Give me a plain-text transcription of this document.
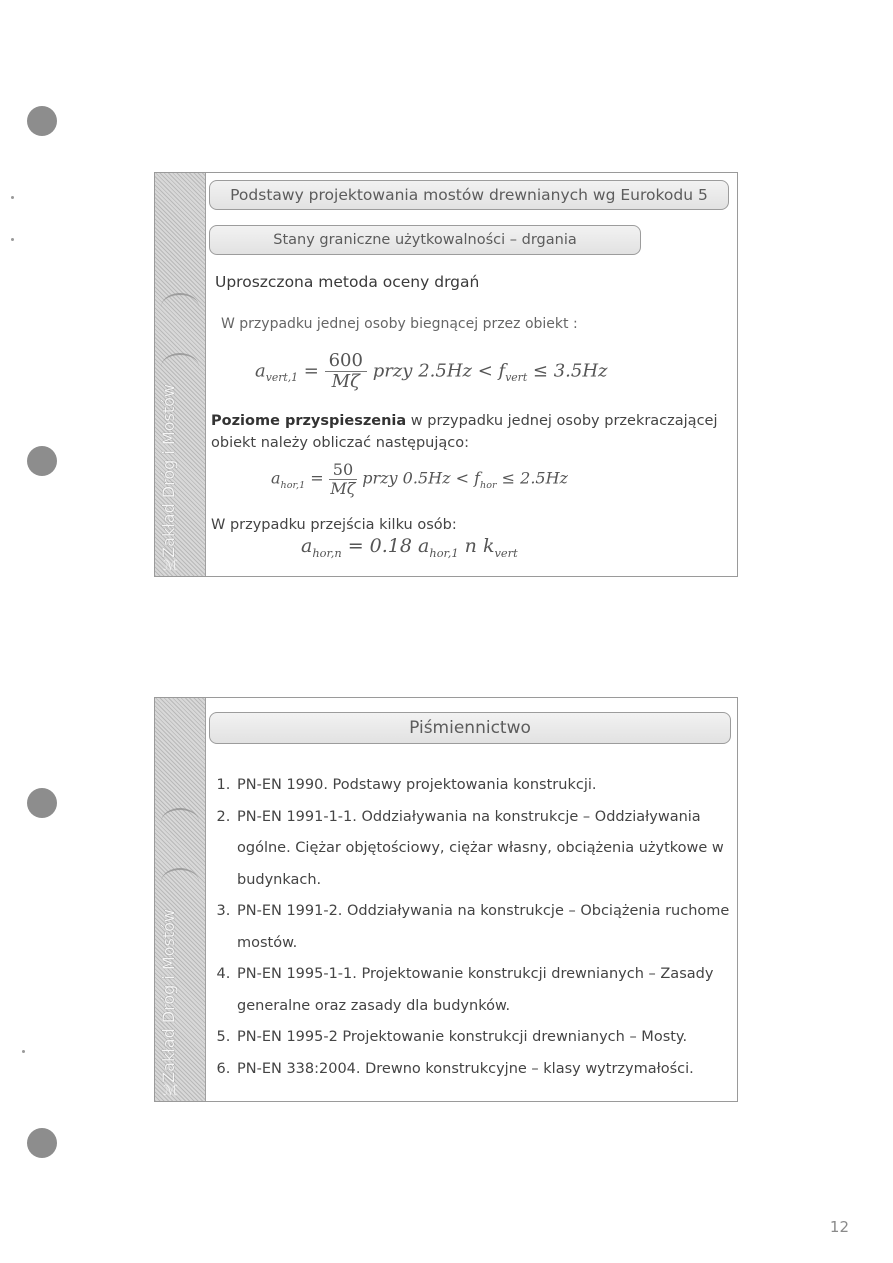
Zakład Dróg i Mostów
ℳ
Podstawy projektowania mostów drewnianych wg Eurokodu 5
Stany graniczne użytkowalności – drgania
Uproszczona metoda oceny drgań
W przypadku jednej osoby biegnącej przez obiekt :
$a_{vert,1} = \frac{600}{M\zeta}$ przy $2.5Hz < f_{vert} \le 3.5Hz$
Poziome przyspieszenia w przypadku jednej osoby przekraczającej
obiekt należy obliczać następująco:
$a_{hor,1} = \frac{50}{M\zeta}$ przy $0.5Hz < f_{hor} \le 2.5Hz$
W przypadku przejścia kilku osób:
$a_{hor,n} = 0.18$ $a_{hor,1}$ n $k_{vert}$
Zakład Dróg i Mostów
ℳ
Piśmiennictwo
1. PN-EN 1990. Podstawy projektowania konstrukcji.
2. PN-EN 1991-1-1. Oddziaływania na konstrukcje – Oddziaływania ogólne. Ciężar objętościowy, ciężar własny, obciążenia użytkowe w budynkach.
3. PN-EN 1991-2. Oddziaływania na konstrukcje – Obciążenia ruchome mostów.
4. PN-EN 1995-1-1. Projektowanie konstrukcji drewnianych – Zasady generalne oraz zasady dla budynków.
5. PN-EN 1995-2 Projektowanie konstrukcji drewnianych – Mosty.
6. PN-EN 338:2004. Drewno konstrukcyjne – klasy wytrzymałości.
12
